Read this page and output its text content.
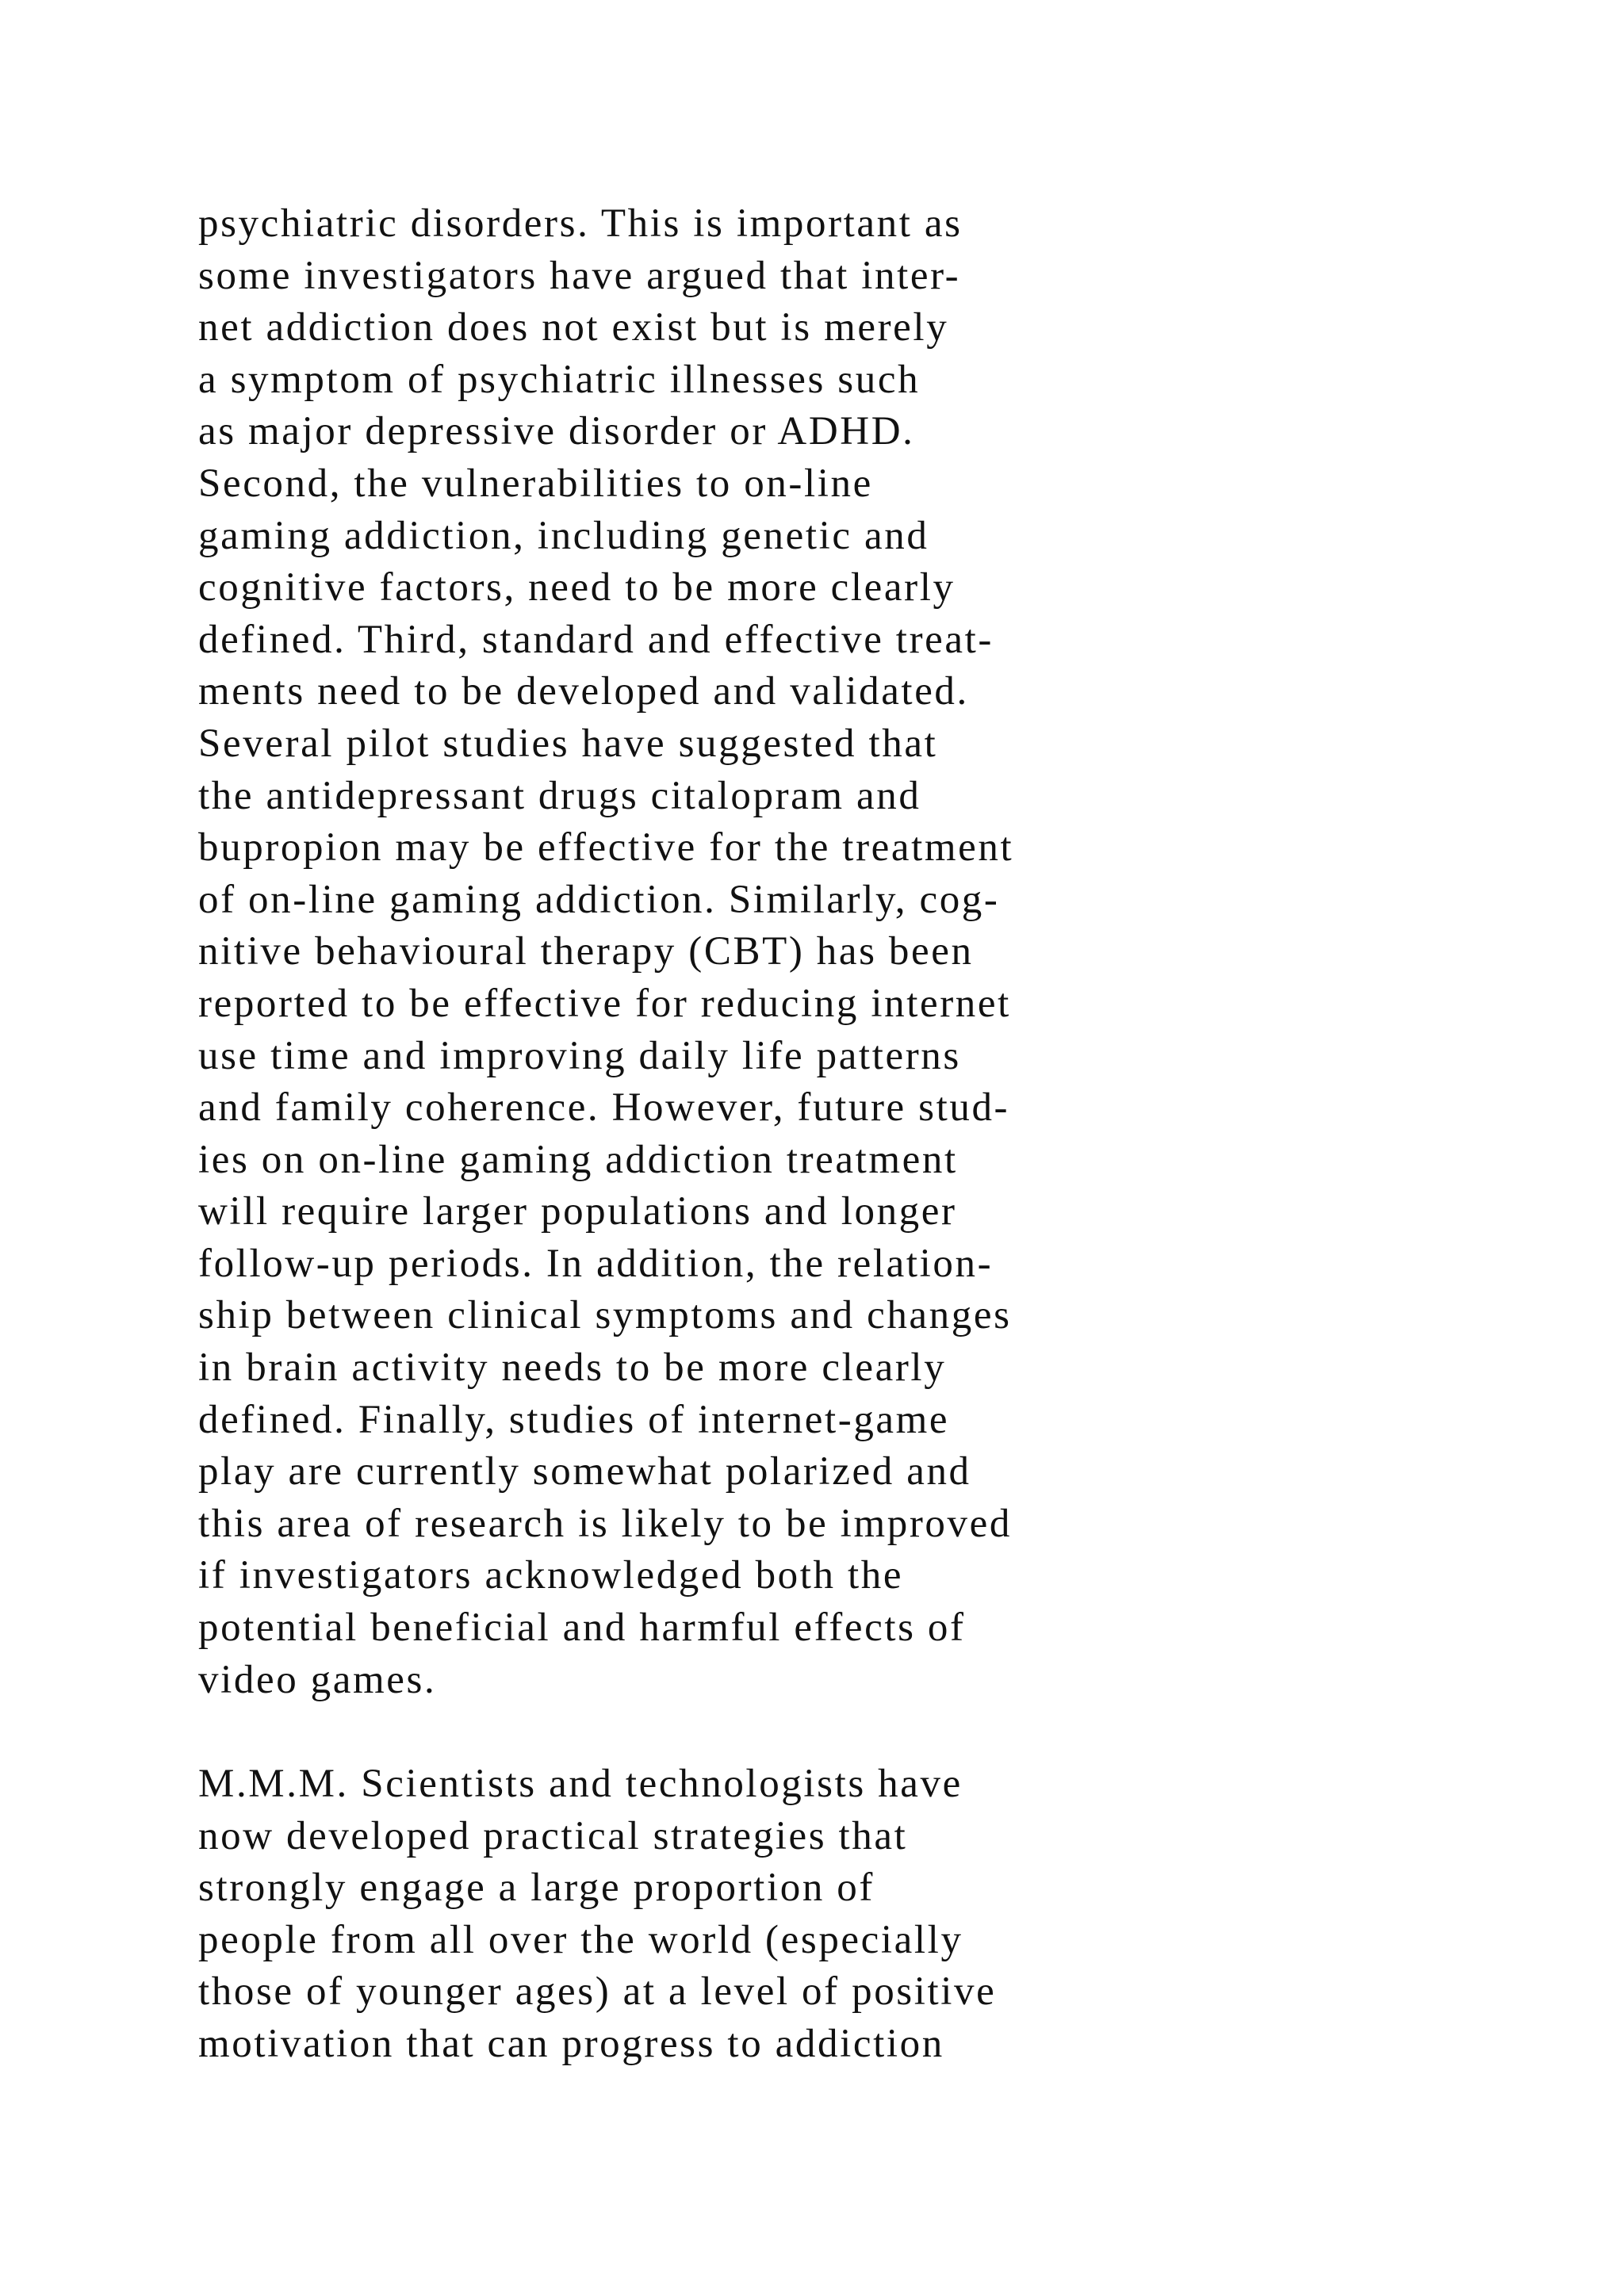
psychiatric disorders. This is important as
some investigators have argued that inter-
net addiction does not exist but is merely
a symptom of psychiatric illnesses such
as major depressive disorder or ADHD.
Second, the vulnerabilities to on-line
gaming addiction, including genetic and
cognitive factors, need to be more clearly
defined. Third, standard and effective treat-
ments need to be developed and validated.
Several pilot studies have suggested that
the antidepressant drugs citalopram and
bupropion may be effective for the treatment
of on-line gaming addiction. Similarly, cog-
nitive behavioural therapy (CBT) has been
reported to be effective for reducing internet
use time and improving daily life patterns
and family coherence. However, future stud-
ies on on-line gaming addiction treatment
will require larger populations and longer
follow-up periods. In addition, the relation-
ship between clinical symptoms and changes
in brain activity needs to be more clearly
defined. Finally, studies of internet-game
play are currently somewhat polarized and
this area of research is likely to be improved
if investigators acknowledged both the
potential beneficial and harmful effects of
video games.
M.M.M. Scientists and technologists have
now developed practical strategies that
strongly engage a large proportion of
people from all over the world (especially
those of younger ages) at a level of positive
motivation that can progress to addiction
